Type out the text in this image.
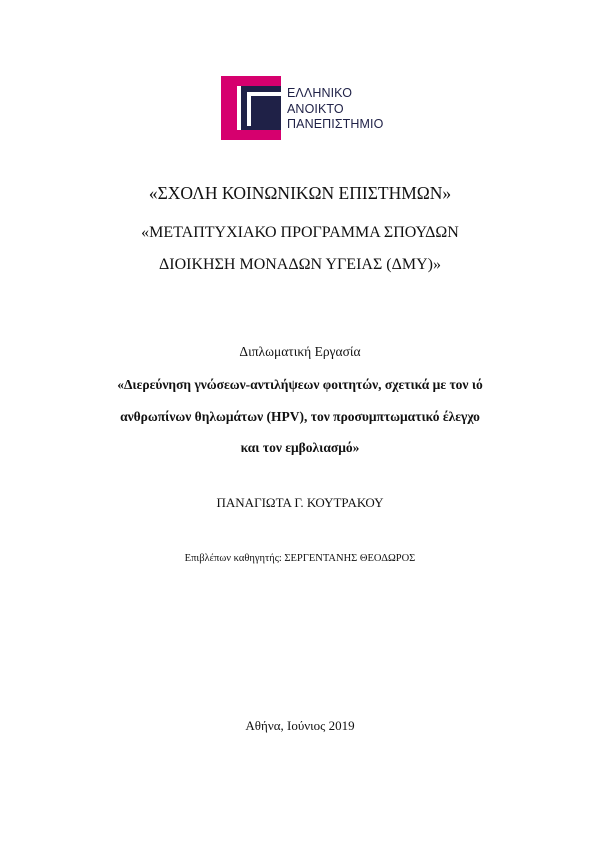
ΕΛΛΗΝΙΚΟ
ΑΝΟΙΚΤΟ
ΠΑΝΕΠΙΣΤΗΜΙΟ
«ΣΧΟΛΗ ΚΟΙΝΩΝΙΚΩΝ ΕΠΙΣΤΗΜΩΝ»
«ΜΕΤΑΠΤΥΧΙΑΚΟ ΠΡΟΓΡΑΜΜΑ ΣΠΟΥΔΩΝ
ΔΙΟΙΚΗΣΗ ΜΟΝΑΔΩΝ ΥΓΕΙΑΣ (ΔΜΥ)»
Διπλωματική Εργασία
«Διερεύνηση γνώσεων-αντιλήψεων φοιτητών, σχετικά με τον ιό
ανθρωπίνων θηλωμάτων (HPV), τον προσυμπτωματικό έλεγχο
και τον εμβολιασμό»
ΠΑΝΑΓΙΩΤΑ Γ. ΚΟΥΤΡΑΚΟΥ
Επιβλέπων καθηγητής: ΣΕΡΓΕΝΤΑΝΗΣ ΘΕΟΔΩΡΟΣ
Αθήνα, Ιούνιος 2019
